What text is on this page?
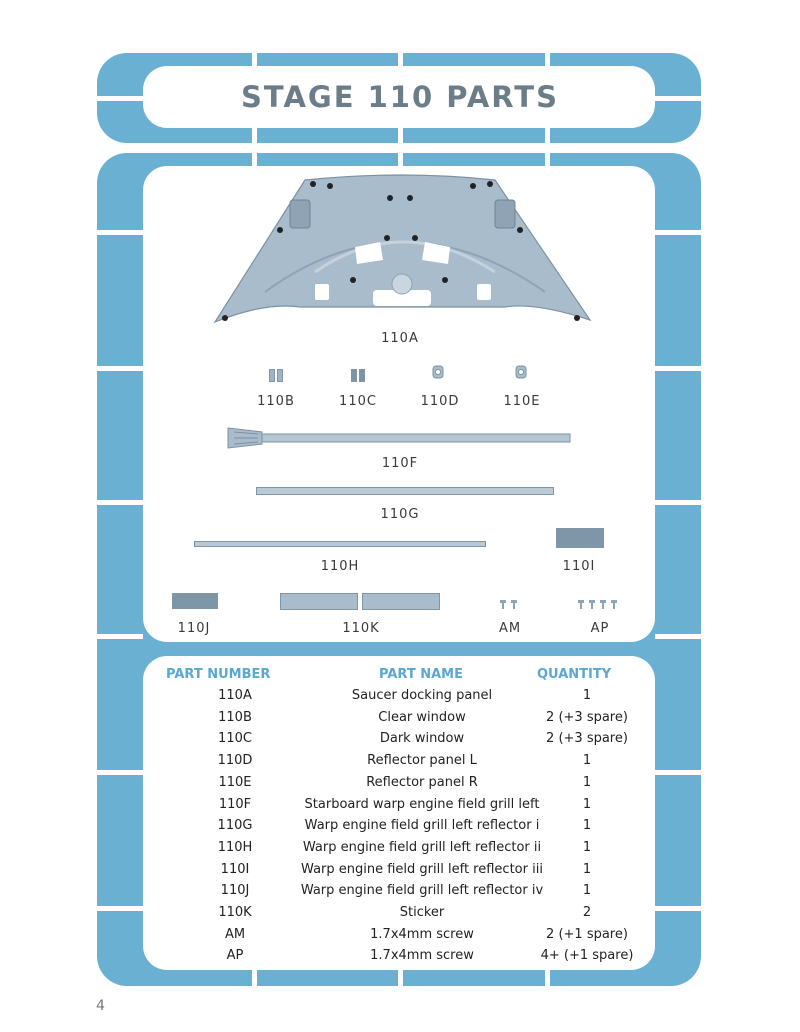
STAGE 110 PARTS
110A
110B	110C	110D	110E
110F
110G
110H	110I
110J	110K	AM	AP
PART NUMBER	PART NAME	QUANTITY
110A	Saucer docking panel	1
110B	Clear window	2 (+3 spare)
110C	Dark window	2 (+3 spare)
110D	Reflector panel L	1
110E	Reflector panel R	1
110F	Starboard warp engine field grill left	1
110G	Warp engine field grill left reflector i	1
110H	Warp engine field grill left reflector ii	1
110I	Warp engine field grill left reflector iii	1
110J	Warp engine field grill left reflector iv	1
110K	Sticker	2
AM	1.7x4mm screw	2 (+1 spare)
AP	1.7x4mm screw	4+ (+1 spare)
4
